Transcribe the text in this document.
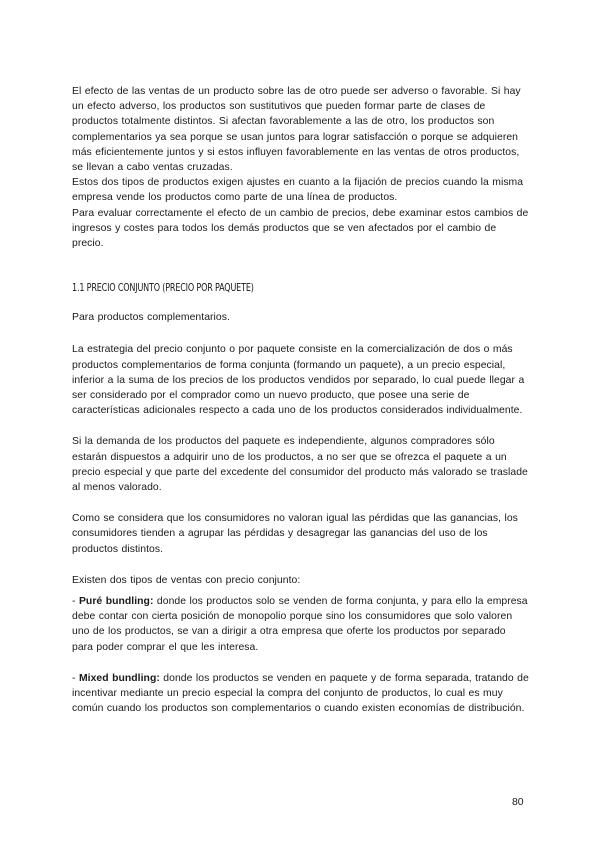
El efecto de las ventas de un producto sobre las de otro puede ser adverso o favorable. Si hay un efecto adverso, los productos son sustitutivos que pueden formar parte de clases de productos totalmente distintos. Si afectan favorablemente a las de otro, los productos son complementarios ya sea porque se usan juntos para lograr satisfacción o porque se adquieren más eficientemente juntos y si estos influyen favorablemente en las ventas de otros productos, se llevan a cabo ventas cruzadas.

Estos dos tipos de productos exigen ajustes en cuanto a la fijación de precios cuando la misma empresa vende los productos como parte de una línea de productos.

Para evaluar correctamente el efecto de un cambio de precios, debe examinar estos cambios de ingresos y costes para todos los demás productos que se ven afectados por el cambio de precio.

1.1 PRECIO CONJUNTO (PRECIO POR PAQUETE)

Para productos complementarios.

La estrategia del precio conjunto o por paquete consiste en la comercialización de dos o más productos complementarios de forma conjunta (formando un paquete), a un precio especial, inferior a la suma de los precios de los productos vendidos por separado, lo cual puede llegar a ser considerado por el comprador como un nuevo producto, que posee una serie de características adicionales respecto a cada uno de los productos considerados individualmente.

Si la demanda de los productos del paquete es independiente, algunos compradores sólo estarán dispuestos a adquirir uno de los productos, a no ser que se ofrezca el paquete a un precio especial y que parte del excedente del consumidor del producto más valorado se traslade al menos valorado.

Como se considera que los consumidores no valoran igual las pérdidas que las ganancias, los consumidores tienden a agrupar las pérdidas y desagregar las ganancias del uso de los productos distintos.

Existen dos tipos de ventas con precio conjunto:

- Puré bundling: donde los productos solo se venden de forma conjunta, y para ello la empresa debe contar con cierta posición de monopolio porque sino los consumidores que solo valoren uno de los productos, se van a dirigir a otra empresa que oferte los productos por separado para poder comprar el que les interesa.

- Mixed bundling: donde los productos se venden en paquete y de forma separada, tratando de incentivar mediante un precio especial la compra del conjunto de productos, lo cual es muy común cuando los productos son complementarios o cuando existen economías de distribución.

80
